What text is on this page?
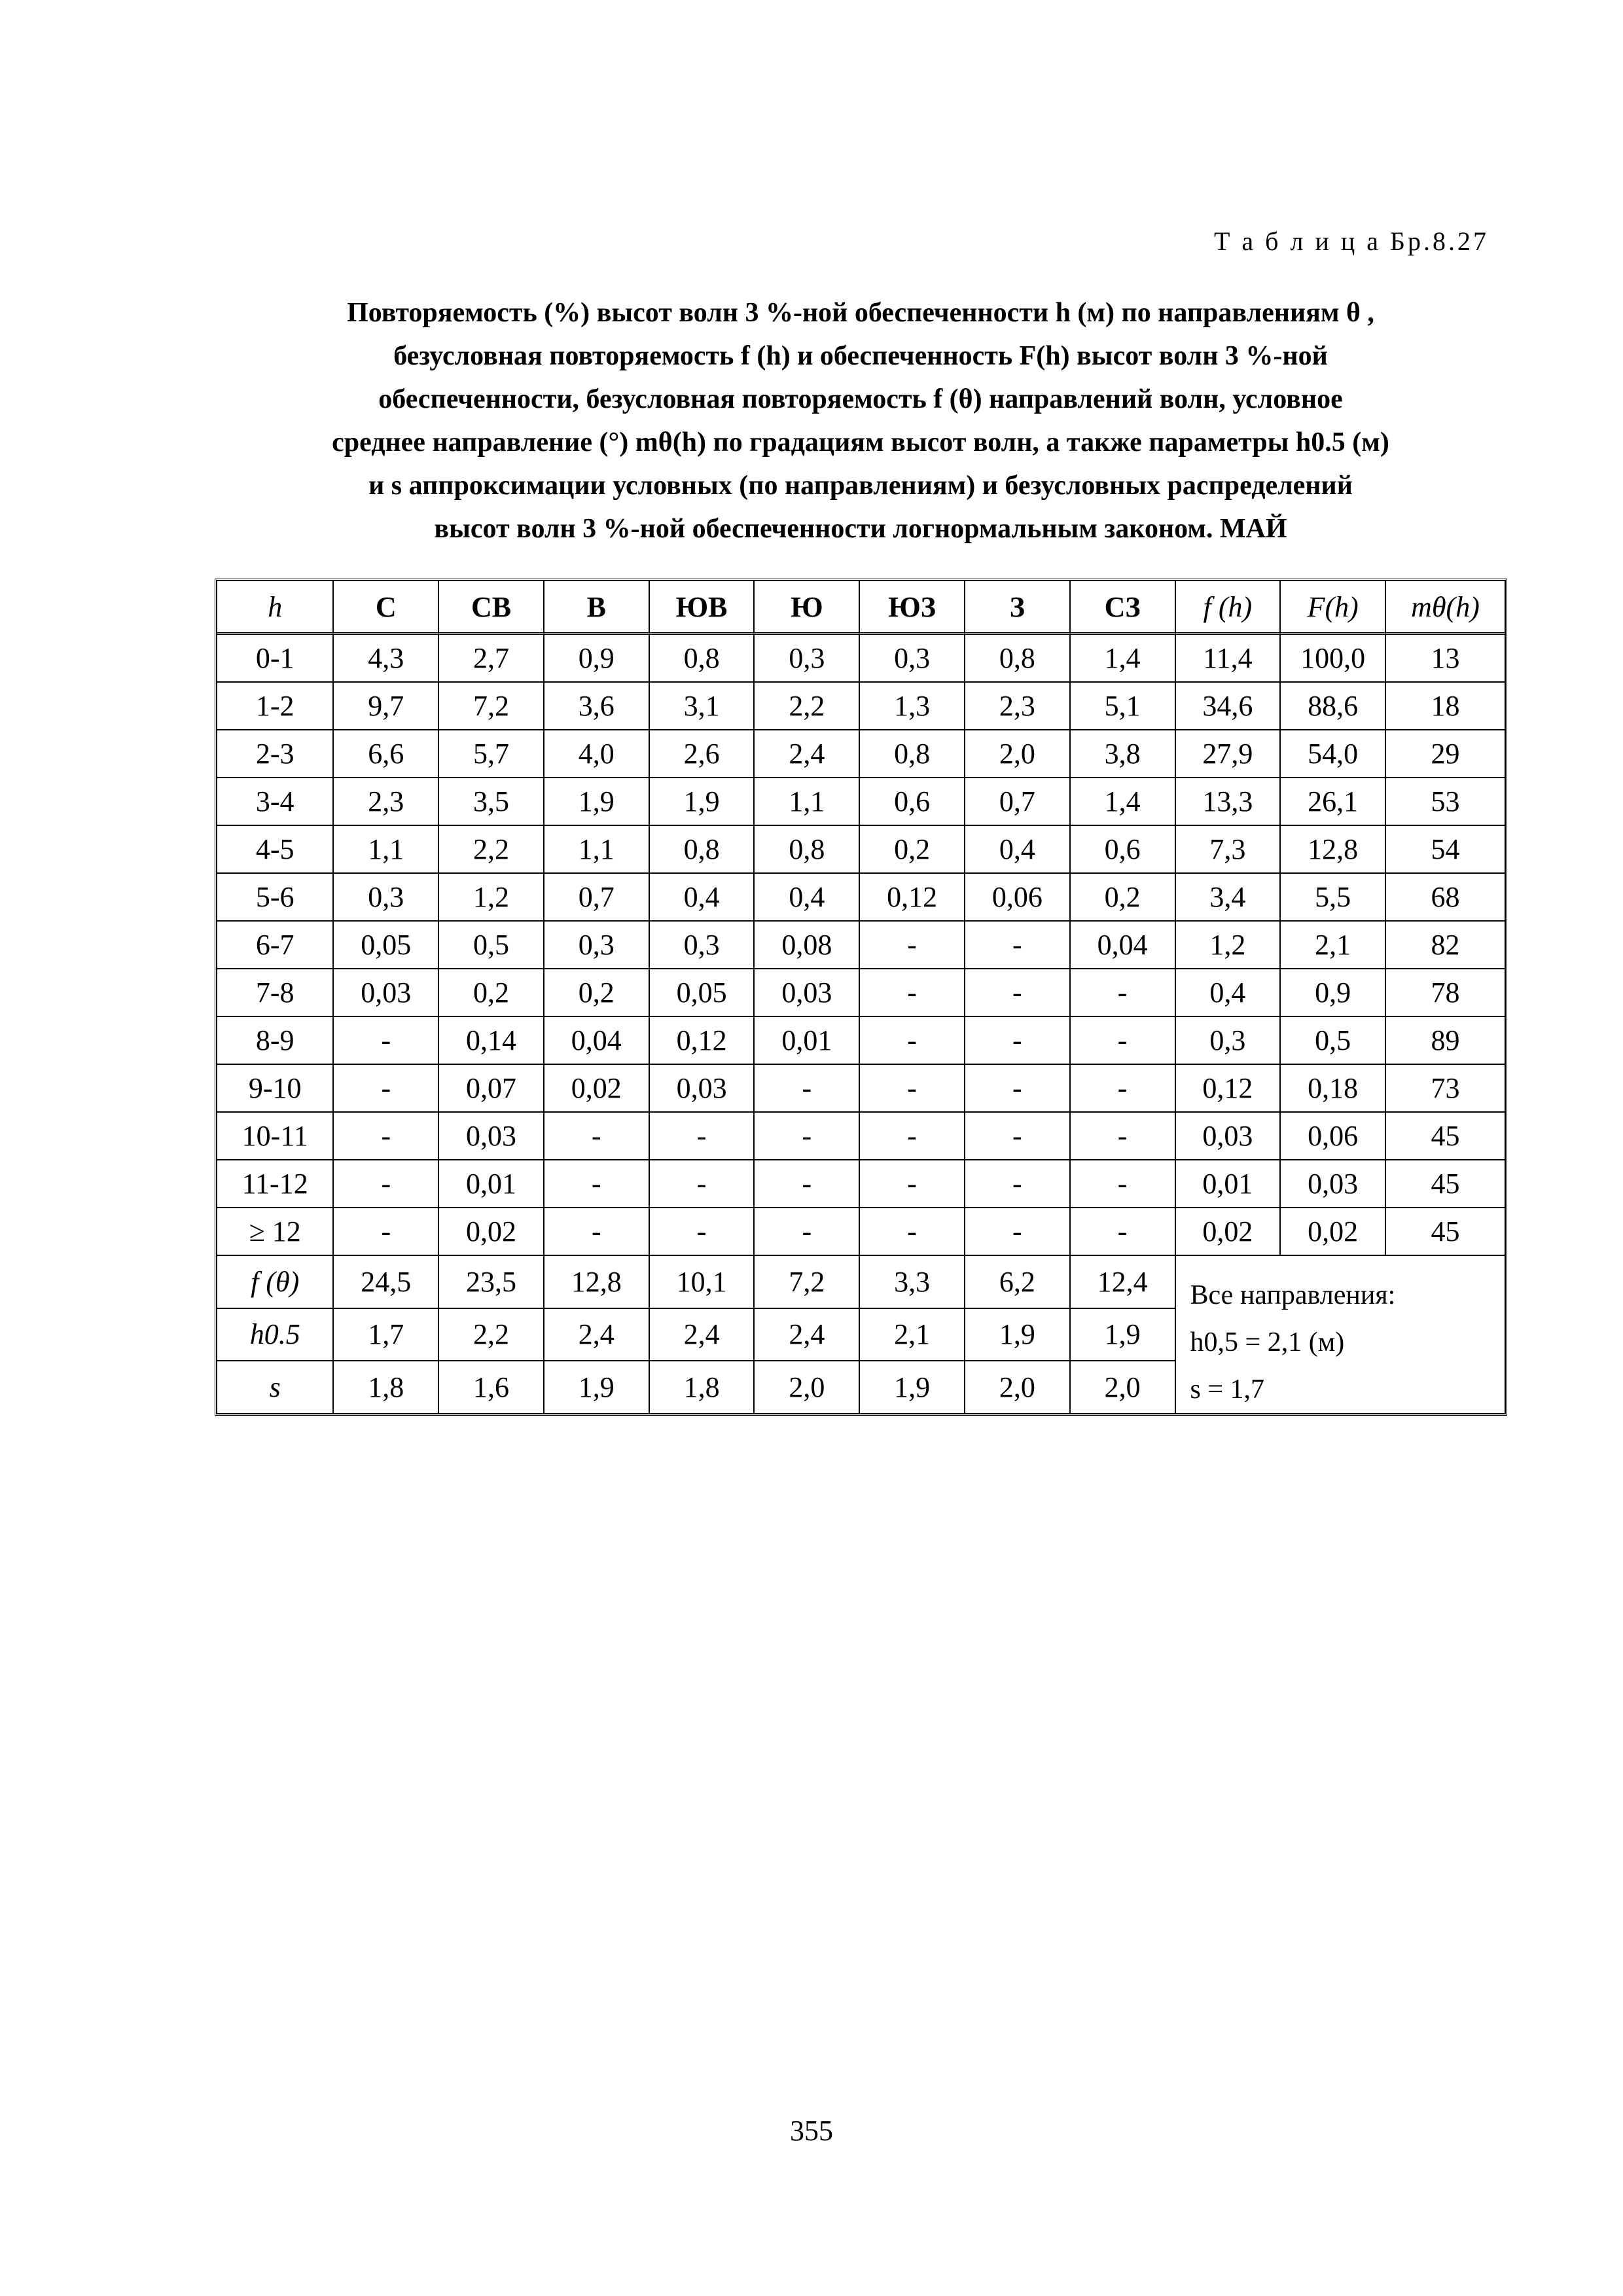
Т а б л и ц а Бр.8.27
Повторяемость (%) высот волн 3 %-ной обеспеченности h (м) по направлениям θ ,
безусловная повторяемость f (h) и обеспеченность F(h) высот волн 3 %-ной
обеспеченности, безусловная повторяемость f (θ) направлений волн, условное
среднее направление (°) mθ(h) по градациям высот волн, а также параметры h0.5 (м)
и s аппроксимации условных (по направлениям) и безусловных распределений
высот волн 3 %-ной обеспеченности логнормальным законом. МАЙ
h	С	СВ	В	ЮВ	Ю	ЮЗ	З	СЗ	f (h)	F(h)	mθ(h)
0-1	4,3	2,7	0,9	0,8	0,3	0,3	0,8	1,4	11,4	100,0	13
1-2	9,7	7,2	3,6	3,1	2,2	1,3	2,3	5,1	34,6	88,6	18
2-3	6,6	5,7	4,0	2,6	2,4	0,8	2,0	3,8	27,9	54,0	29
3-4	2,3	3,5	1,9	1,9	1,1	0,6	0,7	1,4	13,3	26,1	53
4-5	1,1	2,2	1,1	0,8	0,8	0,2	0,4	0,6	7,3	12,8	54
5-6	0,3	1,2	0,7	0,4	0,4	0,12	0,06	0,2	3,4	5,5	68
6-7	0,05	0,5	0,3	0,3	0,08	-	-	0,04	1,2	2,1	82
7-8	0,03	0,2	0,2	0,05	0,03	-	-	-	0,4	0,9	78
8-9	-	0,14	0,04	0,12	0,01	-	-	-	0,3	0,5	89
9-10	-	0,07	0,02	0,03	-	-	-	-	0,12	0,18	73
10-11	-	0,03	-	-	-	-	-	-	0,03	0,06	45
11-12	-	0,01	-	-	-	-	-	-	0,01	0,03	45
≥ 12	-	0,02	-	-	-	-	-	-	0,02	0,02	45
f (θ)	24,5	23,5	12,8	10,1	7,2	3,3	6,2	12,4	Все направления:
h0,5 = 2,1 (м)
s = 1,7		

h0.5	1,7	2,2	2,4	2,4	2,4	2,1	1,9	1,9			
s	1,8	1,6	1,9	1,8	2,0	1,9	2,0	2,0			
355
